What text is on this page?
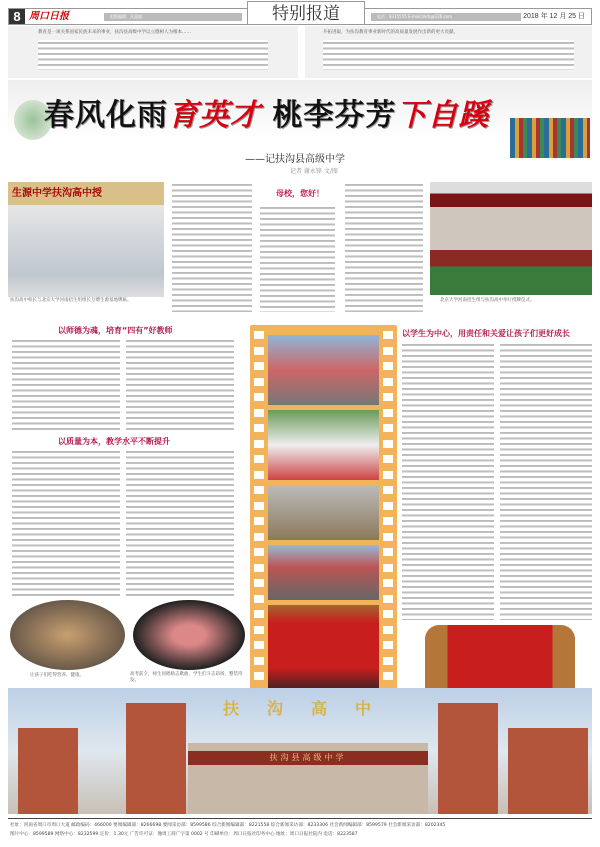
8 周口日报	组版编辑：凡国斌	特别报道	电话：8315555 E-mail:zkrb@126.com	2018 年 12 月 25 日
教育是一项关系国家民族未来的事业，扶沟县高级中学以立德树人为根本……	开拓进取，为扶沟教育事业新时代的高质量发展作出新的更大贡献。
春风化雨育英才 桃李芬芳下自蹊
——记扶沟县高级中学
记者 谢永锋 文/图
生源中学扶沟高中授
扶沟高中校长与北京大学河南招生组组长互赠生源基地牌匾。
母校，您好！
北京大学河南招生组与扶沟高中举行授牌仪式。
以师德为魂，培育“四有”好教师
以质量为本，教学水平不断提升
以学生为中心，用责任和关爱让孩子们更好成长
让孩子们吃得营养、健康。	高考前夕，师生同唱励志歌曲，学生们斗志昂扬，整装待发。
扶沟县高级中学
扶沟高中
社址：河南省周口市周口大道 邮政编码：466000 要闻编辑部：8266698 要闻采访部：8599586 综合新闻编辑部：8221558 综合新闻采访部：8233306 社会新闻编辑部：8599579 社会新闻采访部：8202345
图片中心：8599589 网络中心：8232599 定价：1.30元 广告许可证：豫周工商广字第 0002 号 印刷单位：周口日报社印务中心 地址：周口日报社院内 电话：8223587
